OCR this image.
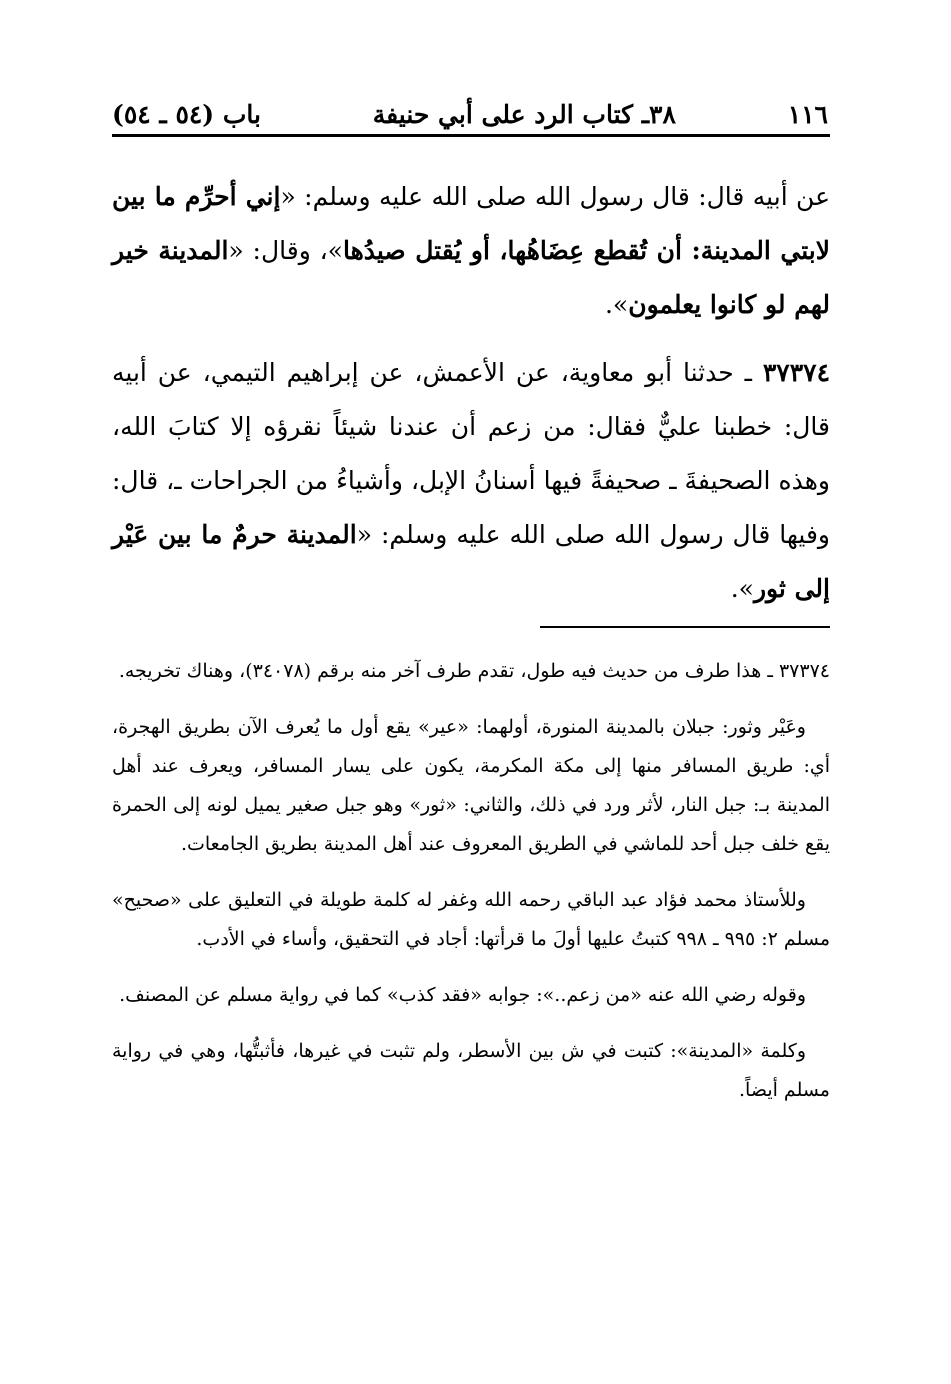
١١٦
٣٨ـ كتاب الرد على أبي حنيفة
باب (٥٤ ـ ٥٤)

عن أبيه قال: قال رسول الله صلى الله عليه وسلم: «إني أحرِّم ما بين لابتي المدينة: أن تُقطع عِضَاهُها، أو يُقتل صيدُها»، وقال: «المدينة خير لهم لو كانوا يعلمون».

٣٧٣٧٤ ـ حدثنا أبو معاوية، عن الأعمش، عن إبراهيم التيمي، عن أبيه قال: خطبنا عليٌّ فقال: من زعم أن عندنا شيئاً نقرؤه إلا كتابَ الله، وهذه الصحيفةَ ـ صحيفةً فيها أسنانُ الإبل، وأشياءُ من الجراحات ـ، قال: وفيها قال رسول الله صلى الله عليه وسلم: «المدينة حرمٌ ما بين عَيْر إلى ثور».

٣٧٣٧٤ ـ هذا طرف من حديث فيه طول، تقدم طرف آخر منه برقم (٣٤٠٧٨)، وهناك تخريجه.

وعَيْر وثور: جبلان بالمدينة المنورة، أولهما: «عير» يقع أول ما يُعرف الآن بطريق الهجرة، أي: طريق المسافر منها إلى مكة المكرمة، يكون على يسار المسافر، ويعرف عند أهل المدينة بـ: جبل النار، لأثر ورد في ذلك، والثاني: «ثور» وهو جبل صغير يميل لونه إلى الحمرة يقع خلف جبل أحد للماشي في الطريق المعروف عند أهل المدينة بطريق الجامعات.

وللأستاذ محمد فؤاد عبد الباقي رحمه الله وغفر له كلمة طويلة في التعليق على «صحيح» مسلم ٢: ٩٩٥ ـ ٩٩٨ كتبتُ عليها أولَ ما قرأتها: أجاد في التحقيق، وأساء في الأدب.

وقوله رضي الله عنه «من زعم..»: جوابه «فقد كذب» كما في رواية مسلم عن المصنف.

وكلمة «المدينة»: كتبت في ش بين الأسطر، ولم تثبت في غيرها، فأثبتُّها، وهي في رواية مسلم أيضاً.
